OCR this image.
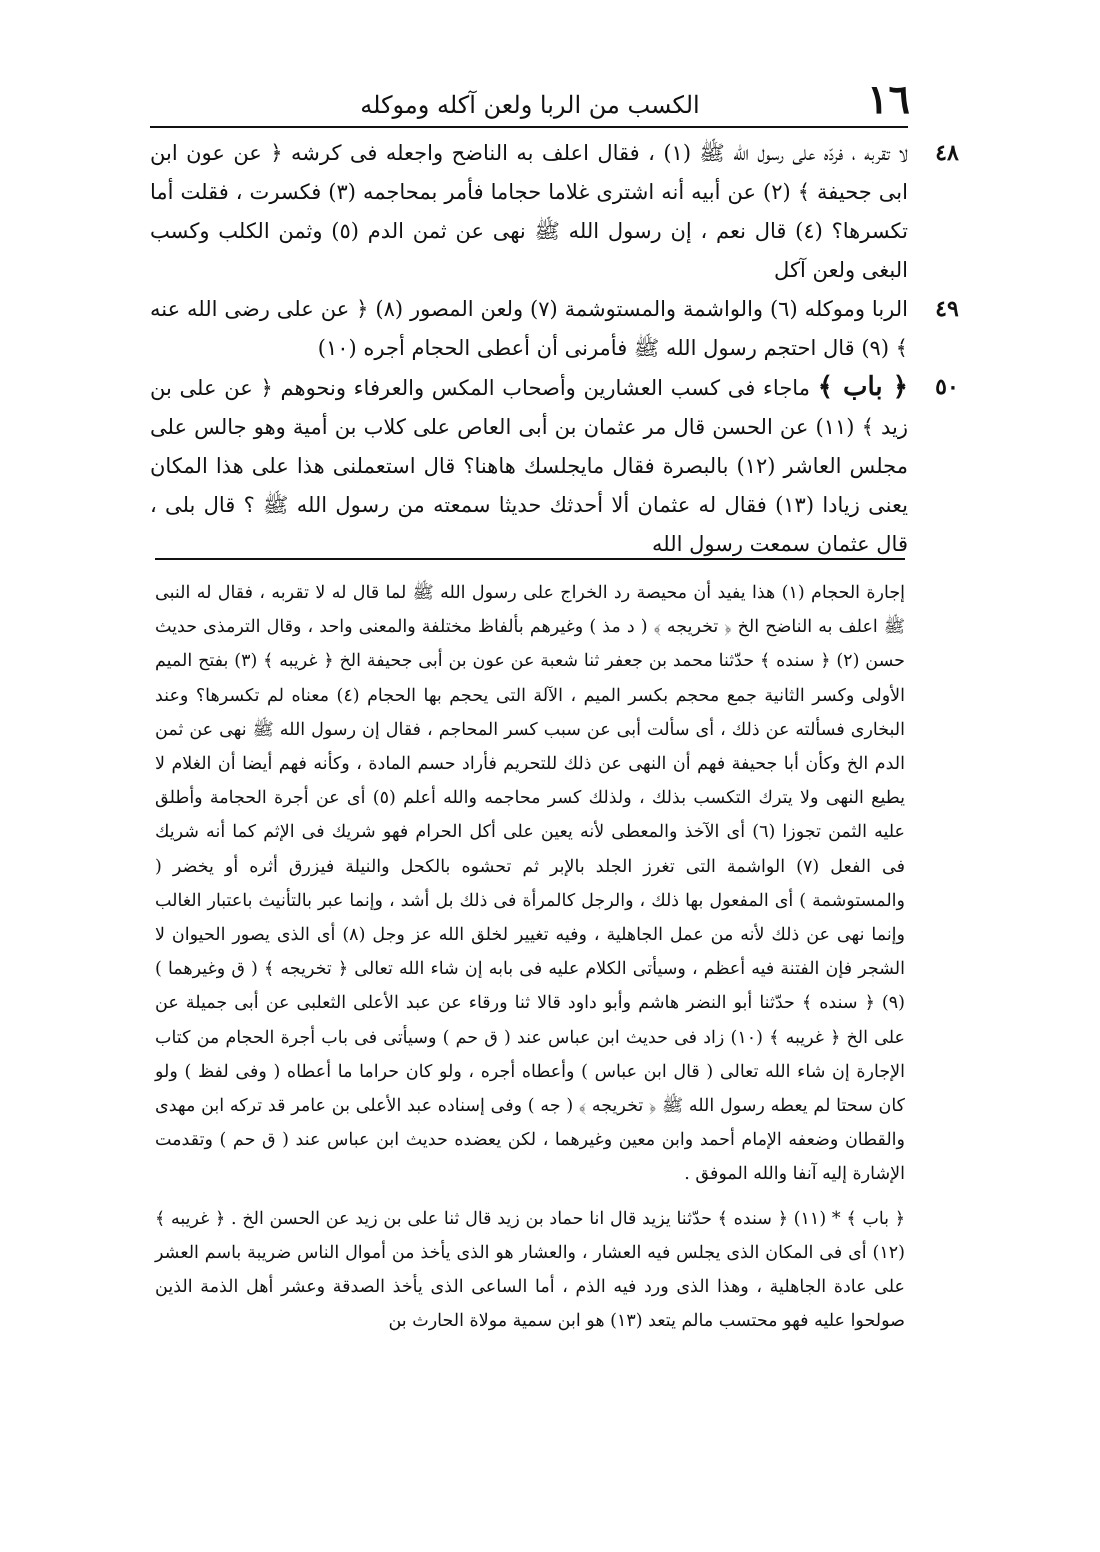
١٦
الكسب من الربا ولعن آكله وموكله
٤٨
لا تقربه ، فردّه على رسول الله ﷺ (١) ، فقال اعلف به الناضح واجعله فى كرشه ﴿ عن عون ابن ابى جحيفة ﴾ (٢) عن أبيه أنه اشترى غلاما حجاما فأمر بمحاجمه (٣) فكسرت ، فقلت أما تكسرها؟ (٤) قال نعم ، إن رسول الله ﷺ نهى عن ثمن الدم (٥) وثمن الكلب وكسب البغى ولعن آكل
٤٩
الربا وموكله (٦) والواشمة والمستوشمة (٧) ولعن المصور (٨) ﴿ عن على رضى الله عنه ﴾ (٩) قال احتجم رسول الله ﷺ فأمرنى أن أعطى الحجام أجره (١٠)
٥٠
﴿ باب ﴾ ماجاء فى كسب العشارين وأصحاب المكس والعرفاء ونحوهم ﴿ عن على بن زيد ﴾ (١١) عن الحسن قال مر عثمان بن أبى العاص على كلاب بن أمية وهو جالس على مجلس العاشر (١٢) بالبصرة فقال مايجلسك هاهنا؟ قال استعملنى هذا على هذا المكان يعنى زيادا (١٣) فقال له عثمان ألا أحدثك حديثا سمعته من رسول الله ﷺ ؟ قال بلى ، قال عثمان سمعت رسول الله

إجارة الحجام (١) هذا يفيد أن محيصة رد الخراج على رسول الله ﷺ لما قال له لا تقربه ، فقال له النبى ﷺ اعلف به الناضح الخ ﴿ تخريجه ﴾ ( د مذ ) وغيرهم بألفاظ مختلفة والمعنى واحد ، وقال الترمذى حديث حسن (٢) ﴿ سنده ﴾ حدّثنا محمد بن جعفر ثنا شعبة عن عون بن أبى جحيفة الخ ﴿ غريبه ﴾ (٣) بفتح الميم الأولى وكسر الثانية جمع محجم بكسر الميم ، الآلة التى يحجم بها الحجام (٤) معناه لم تكسرها؟ وعند البخارى فسألته عن ذلك ، أى سألت أبى عن سبب كسر المحاجم ، فقال إن رسول الله ﷺ نهى عن ثمن الدم الخ وكأن أبا جحيفة فهم أن النهى عن ذلك للتحريم فأراد حسم المادة ، وكأنه فهم أيضا أن الغلام لا يطيع النهى ولا يترك التكسب بذلك ، ولذلك كسر محاجمه والله أعلم (٥) أى عن أجرة الحجامة وأطلق عليه الثمن تجوزا (٦) أى الآخذ والمعطى لأنه يعين على أكل الحرام فهو شريك فى الإثم كما أنه شريك فى الفعل (٧) الواشمة التى تغرز الجلد بالإبر ثم تحشوه بالكحل والنيلة فيزرق أثره أو يخضر ( والمستوشمة ) أى المفعول بها ذلك ، والرجل كالمرأة فى ذلك بل أشد ، وإنما عبر بالتأنيث باعتبار الغالب وإنما نهى عن ذلك لأنه من عمل الجاهلية ، وفيه تغيير لخلق الله عز وجل (٨) أى الذى يصور الحيوان لا الشجر فإن الفتنة فيه أعظم ، وسيأتى الكلام عليه فى بابه إن شاء الله تعالى ﴿ تخريجه ﴾ ( ق وغيرهما ) (٩) ﴿ سنده ﴾ حدّثنا أبو النضر هاشم وأبو داود قالا ثنا ورقاء عن عبد الأعلى الثعلبى عن أبى جميلة عن على الخ ﴿ غريبه ﴾ (١٠) زاد فى حديث ابن عباس عند ( ق حم ) وسيأتى فى باب أجرة الحجام من كتاب الإجارة إن شاء الله تعالى ( قال ابن عباس ) وأعطاه أجره ، ولو كان حراما ما أعطاه ( وفى لفظ ) ولو كان سحتا لم يعطه رسول الله ﷺ ﴿ تخريجه ﴾ ( جه ) وفى إسناده عبد الأعلى بن عامر قد تركه ابن مهدى والقطان وضعفه الإمام أحمد وابن معين وغيرهما ، لكن يعضده حديث ابن عباس عند ( ق حم ) وتقدمت الإشارة إليه آنفا والله الموفق .

﴿ باب ﴾ * (١١) ﴿ سنده ﴾ حدّثنا يزيد قال انا حماد بن زيد قال ثنا على بن زيد عن الحسن الخ . ﴿ غريبه ﴾ (١٢) أى فى المكان الذى يجلس فيه العشار ، والعشار هو الذى يأخذ من أموال الناس ضريبة باسم العشر على عادة الجاهلية ، وهذا الذى ورد فيه الذم ، أما الساعى الذى يأخذ الصدقة وعشر أهل الذمة الذين صولحوا عليه فهو محتسب مالم يتعد (١٣) هو ابن سمية مولاة الحارث بن
